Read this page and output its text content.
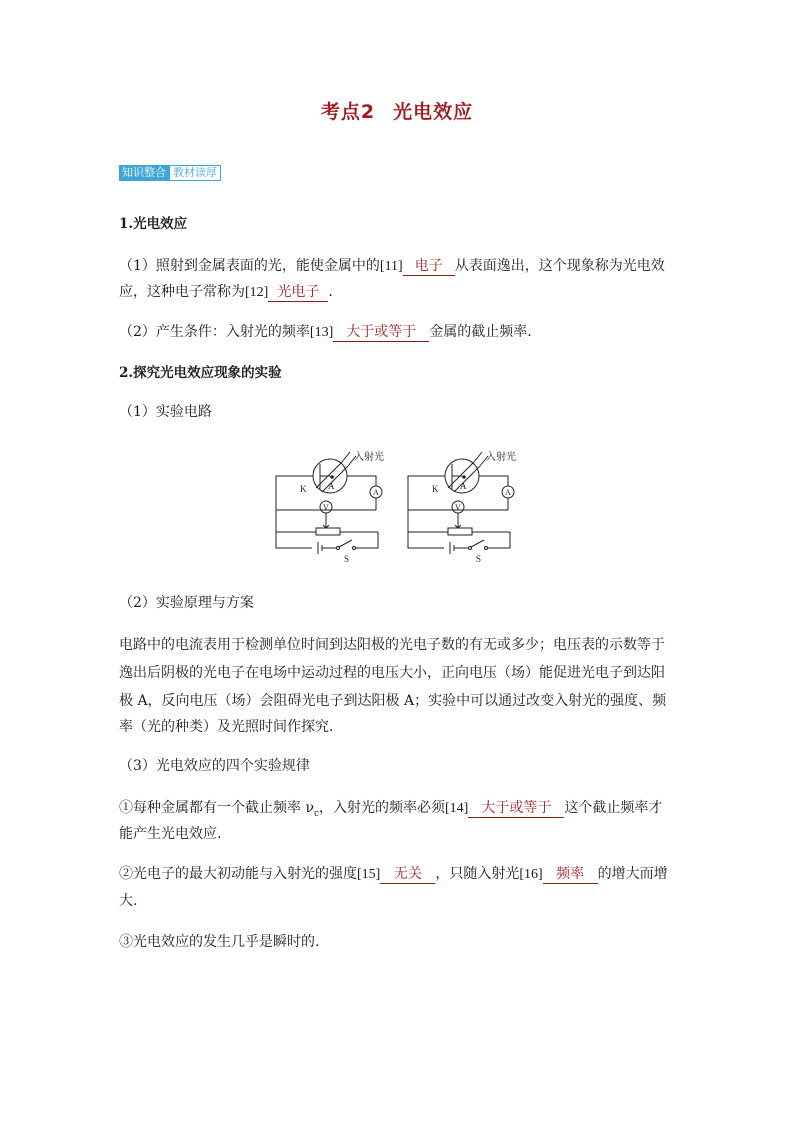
考点2 光电效应
知识整合 教材读厚
1.光电效应
（1）照射到金属表面的光，能使金属中的[11] 电子 从表面逸出，这个现象称为光电效
应，这种电子常称为[12] 光电子 .
（2）产生条件：入射光的频率[13] 大于或等于 金属的截止频率.
2.探究光电效应现象的实验
（1）实验电路
入射光
K A
A
V
S
入射光
K A
A
V
S
（2）实验原理与方案
电路中的电流表用于检测单位时间到达阳极的光电子数的有无或多少；电压表的示数等于
逸出后阴极的光电子在电场中运动过程的电压大小，正向电压（场）能促进光电子到达阳
极 A，反向电压（场）会阻碍光电子到达阳极 A；实验中可以通过改变入射光的强度、频
率（光的种类）及光照时间作探究.
（3）光电效应的四个实验规律
①每种金属都有一个截止频率 $\nu_c$，入射光的频率必须[14] 大于或等于 这个截止频率才
能产生光电效应.
②光电子的最大初动能与入射光的强度[15] 无关 ，只随入射光[16] 频率 的增大而增
大.
③光电效应的发生几乎是瞬时的.
